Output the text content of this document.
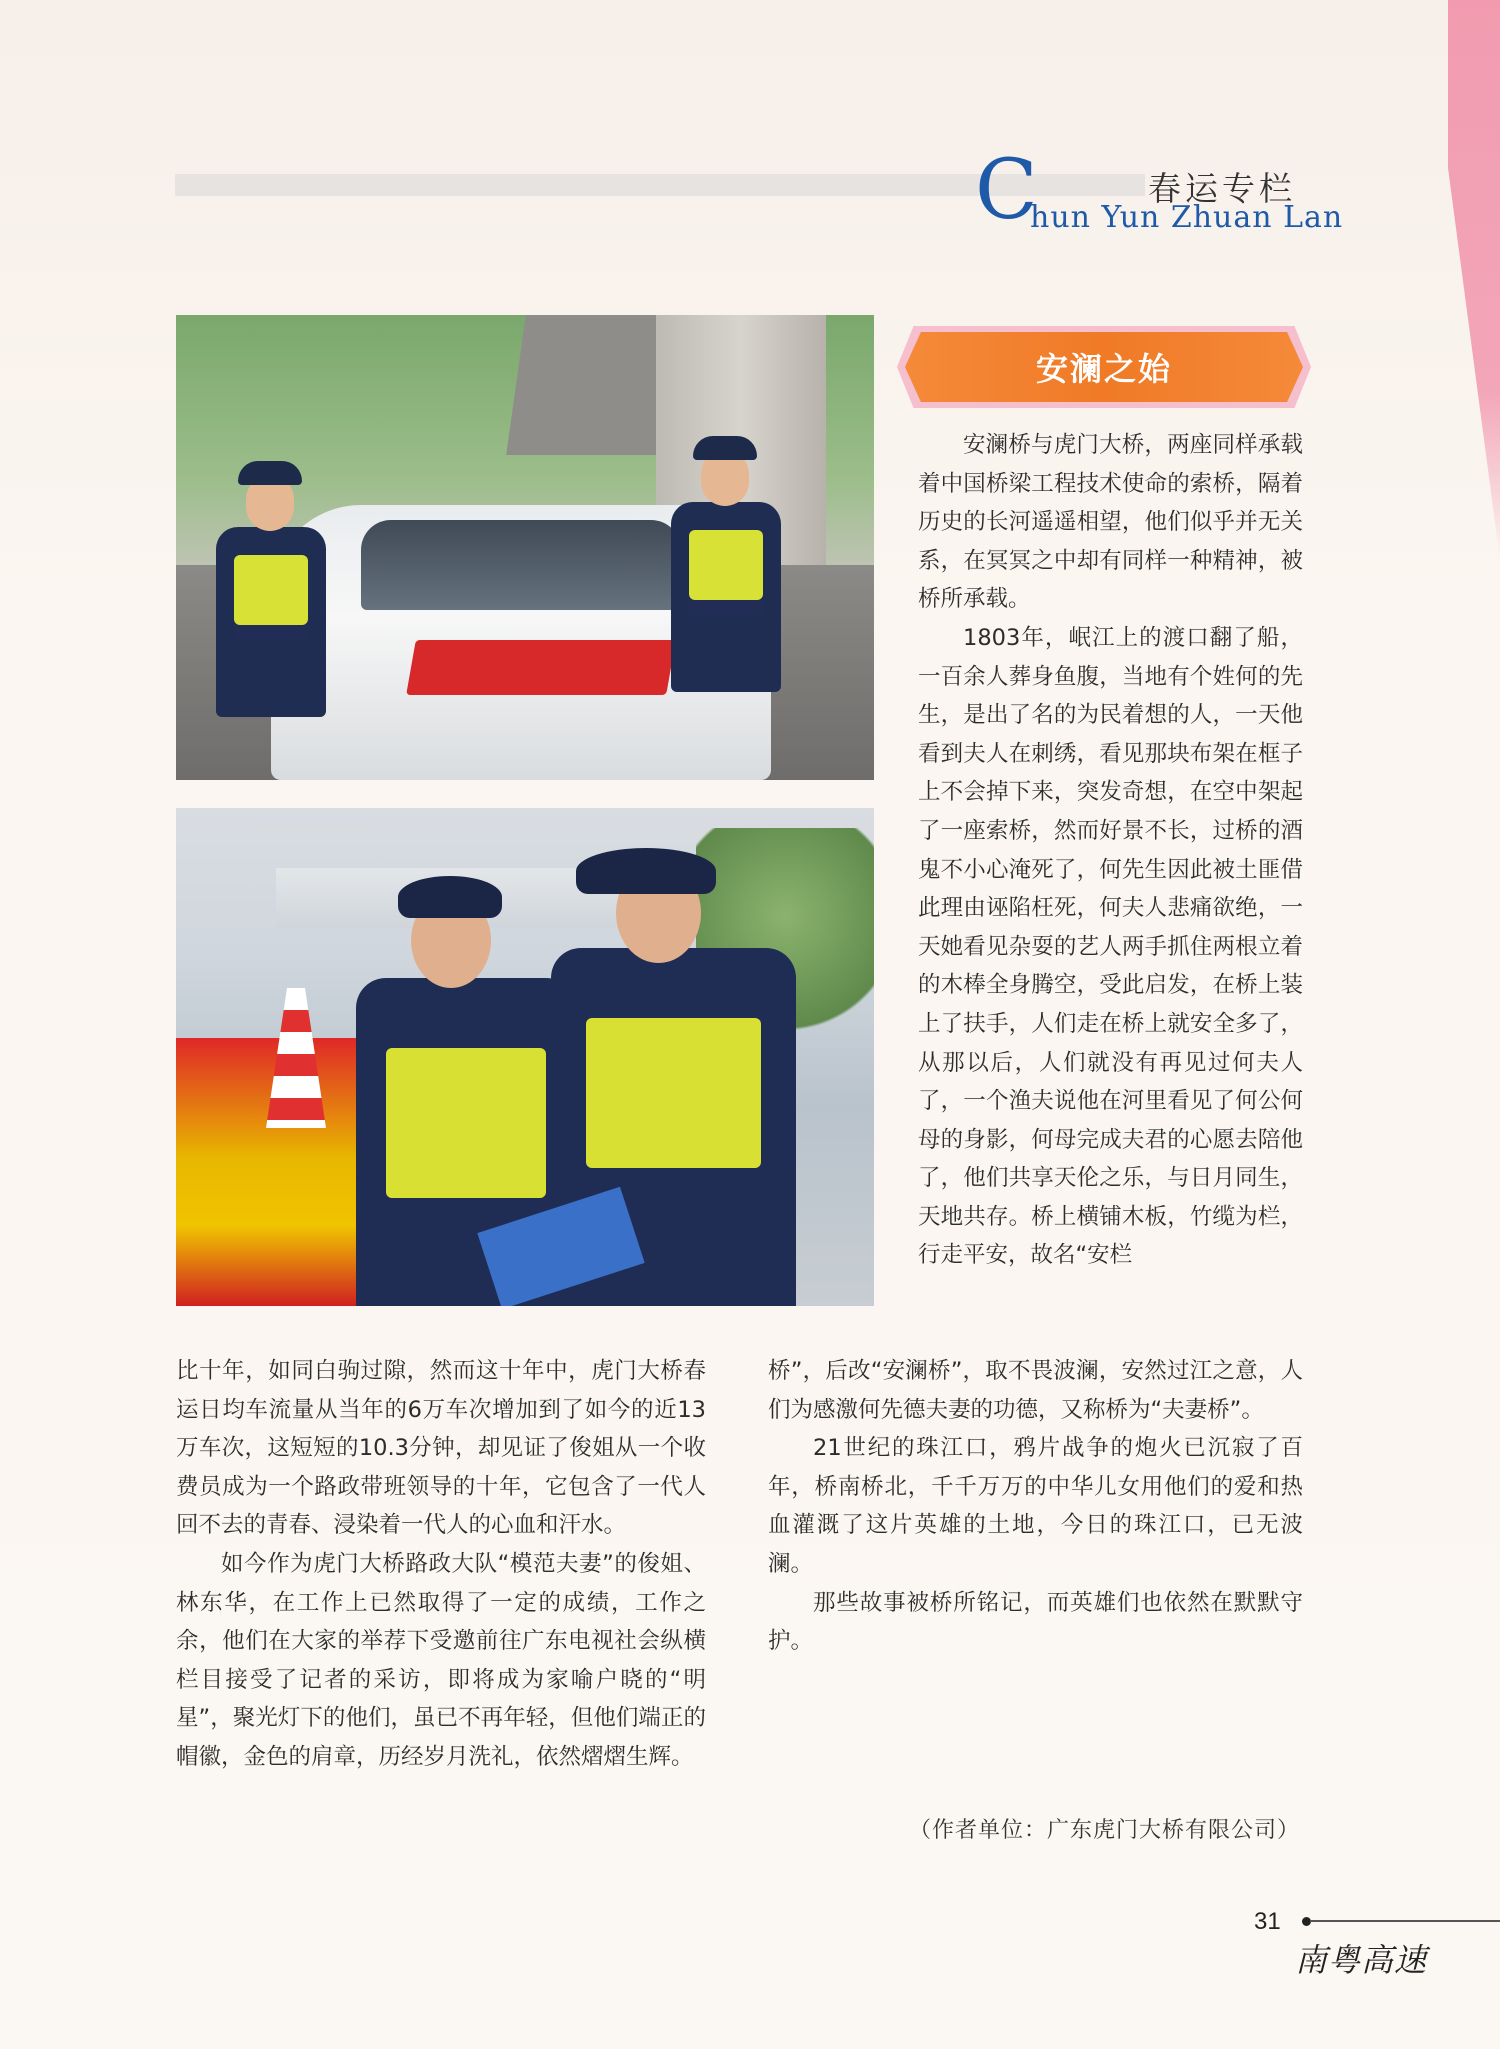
C	春运专栏
hun Yun Zhuan Lan
安澜之始

安澜桥与虎门大桥，两座同样承载着中国桥梁工程技术使命的索桥，隔着历史的长河遥遥相望，他们似乎并无关系，在冥冥之中却有同样一种精神，被桥所承载。

1803年，岷江上的渡口翻了船，一百余人葬身鱼腹，当地有个姓何的先生，是出了名的为民着想的人，一天他看到夫人在刺绣，看见那块布架在框子上不会掉下来，突发奇想，在空中架起了一座索桥，然而好景不长，过桥的酒鬼不小心淹死了，何先生因此被土匪借此理由诬陷枉死，何夫人悲痛欲绝，一天她看见杂耍的艺人两手抓住两根立着的木棒全身腾空，受此启发，在桥上装上了扶手，人们走在桥上就安全多了，从那以后，人们就没有再见过何夫人了，一个渔夫说他在河里看见了何公何母的身影，何母完成夫君的心愿去陪他了，他们共享天伦之乐，与日月同生，天地共存。桥上横铺木板，竹缆为栏，行走平安，故名“安栏

比十年，如同白驹过隙，然而这十年中，虎门大桥春运日均车流量从当年的6万车次增加到了如今的近13万车次，这短短的10.3分钟，却见证了俊姐从一个收费员成为一个路政带班领导的十年，它包含了一代人回不去的青春、浸染着一代人的心血和汗水。

如今作为虎门大桥路政大队“模范夫妻”的俊姐、林东华，在工作上已然取得了一定的成绩，工作之余，他们在大家的举荐下受邀前往广东电视社会纵横栏目接受了记者的采访，即将成为家喻户晓的“明星”，聚光灯下的他们，虽已不再年轻，但他们端正的帽徽，金色的肩章，历经岁月洗礼，依然熠熠生辉。

桥”，后改“安澜桥”，取不畏波澜，安然过江之意，人们为感激何先德夫妻的功德，又称桥为“夫妻桥”。

21世纪的珠江口，鸦片战争的炮火已沉寂了百年，桥南桥北，千千万万的中华儿女用他们的爱和热血灌溉了这片英雄的土地，今日的珠江口，已无波澜。

那些故事被桥所铭记，而英雄们也依然在默默守护。

（作者单位：广东虎门大桥有限公司）
31
南粤高速
